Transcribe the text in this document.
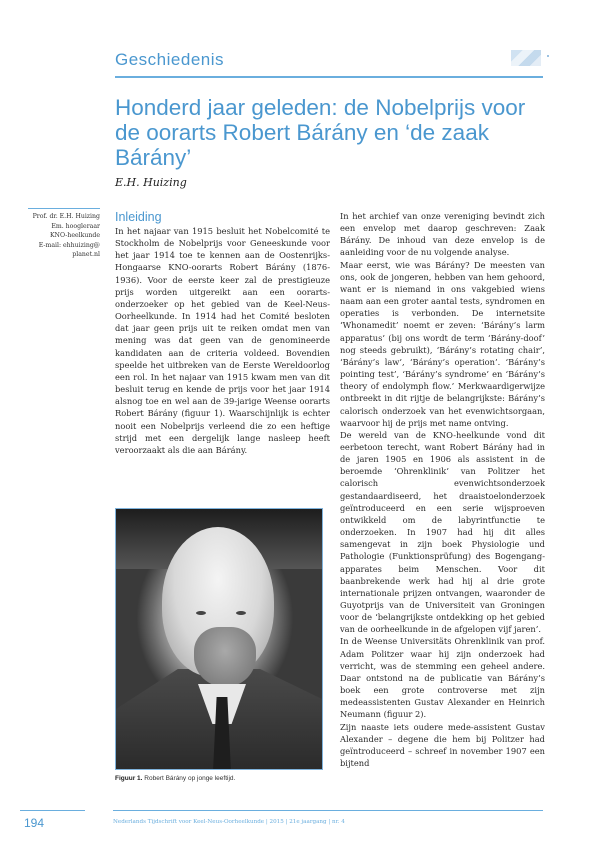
Geschiedenis
Honderd jaar geleden: de Nobelprijs voor de oorarts Robert Bárány en ‘de zaak Bárány’
E.H. Huizing
Prof. dr. E.H. Huizing
Em. hoogleraar
KNO-heelkunde
E-mail: ehhuizing@
planet.nl
Inleiding

In het najaar van 1915 besluit het Nobelcomité te Stockholm de Nobelprijs voor Geneeskunde voor het jaar 1914 toe te kennen aan de Oostenrijks-Hongaarse KNO-oorarts Robert Bárány (1876-1936). Voor de eerste keer zal de prestigieuze prijs worden uitgereikt aan een oorarts-onderzoeker op het gebied van de Keel-Neus-Oorheelkunde. In 1914 had het Comité besloten dat jaar geen prijs uit te reiken omdat men van mening was dat geen van de genomineerde kandidaten aan de criteria voldeed. Bovendien speelde het uitbreken van de Eerste Wereldoorlog een rol. In het najaar van 1915 kwam men van dit besluit terug en kende de prijs voor het jaar 1914 alsnog toe en wel aan de 39-jarige Weense oorarts Robert Bárány (figuur 1). Waarschijnlijk is echter nooit een Nobelprijs verleend die zo een heftige strijd met een dergelijk lange nasleep heeft veroorzaakt als die aan Bárány.

Figuur 1. Robert Bárány op jonge leeftijd.

In het archief van onze vereniging bevindt zich een envelop met daarop geschreven: Zaak Bárány. De inhoud van deze envelop is de aanleiding voor de nu volgende analyse.

Maar eerst, wie was Bárány? De meesten van ons, ook de jongeren, hebben van hem gehoord, want er is niemand in ons vakgebied wiens naam aan een groter aantal tests, syndromen en operaties is verbonden. De internetsite ‘Whonamedit’ noemt er zeven: ‘Bárány’s larm apparatus’ (bij ons wordt de term ‘Bárány-doof’ nog steeds gebruikt), ‘Bárány’s rotating chair’, ‘Bárány’s law’, ‘Bárány’s operation’. ‘Bárány’s pointing test’, ‘Bárány’s syndrome’ en ‘Bárány’s theory of endolymph flow.’ Merkwaardigerwijze ontbreekt in dit rijtje de belangrijkste: Bárány’s calorisch onderzoek van het evenwichtsorgaan, waarvoor hij de prijs met name ontving.

De wereld van de KNO-heelkunde vond dit eerbetoon terecht, want Robert Bárány had in de jaren 1905 en 1906 als assistent in de beroemde ‘Ohrenklinik’ van Politzer het calorisch evenwichtsonderzoek gestandaardiseerd, het draaistoelonderzoek geïntroduceerd en een serie wijsproeven ontwikkeld om de labyrintfunctie te onderzoeken. In 1907 had hij dit alles samengevat in zijn boek Physiologie und Pathologie (Funktionsprüfung) des Bogengang-apparates beim Menschen. Voor dit baanbrekende werk had hij al drie grote internationale prijzen ontvangen, waaronder de Guyotprijs van de Universiteit van Groningen voor de ‘belangrijkste ontdekking op het gebied van de oorheelkunde in de afgelopen vijf jaren’.

In de Weense Universitäts Ohrenklinik van prof. Adam Politzer waar hij zijn onderzoek had verricht, was de stemming een geheel andere. Daar ontstond na de publicatie van Bárány’s boek een grote controverse met zijn medeassistenten Gustav Alexander en Heinrich Neumann (figuur 2).

Zijn naaste iets oudere mede-assistent Gustav Alexander – degene die hem bij Politzer had geïntroduceerd – schreef in november 1907 een bijtend

194	Nederlands Tijdschrift voor Keel-Neus-Oorheelkunde | 2015 | 21e jaargang | nr. 4
